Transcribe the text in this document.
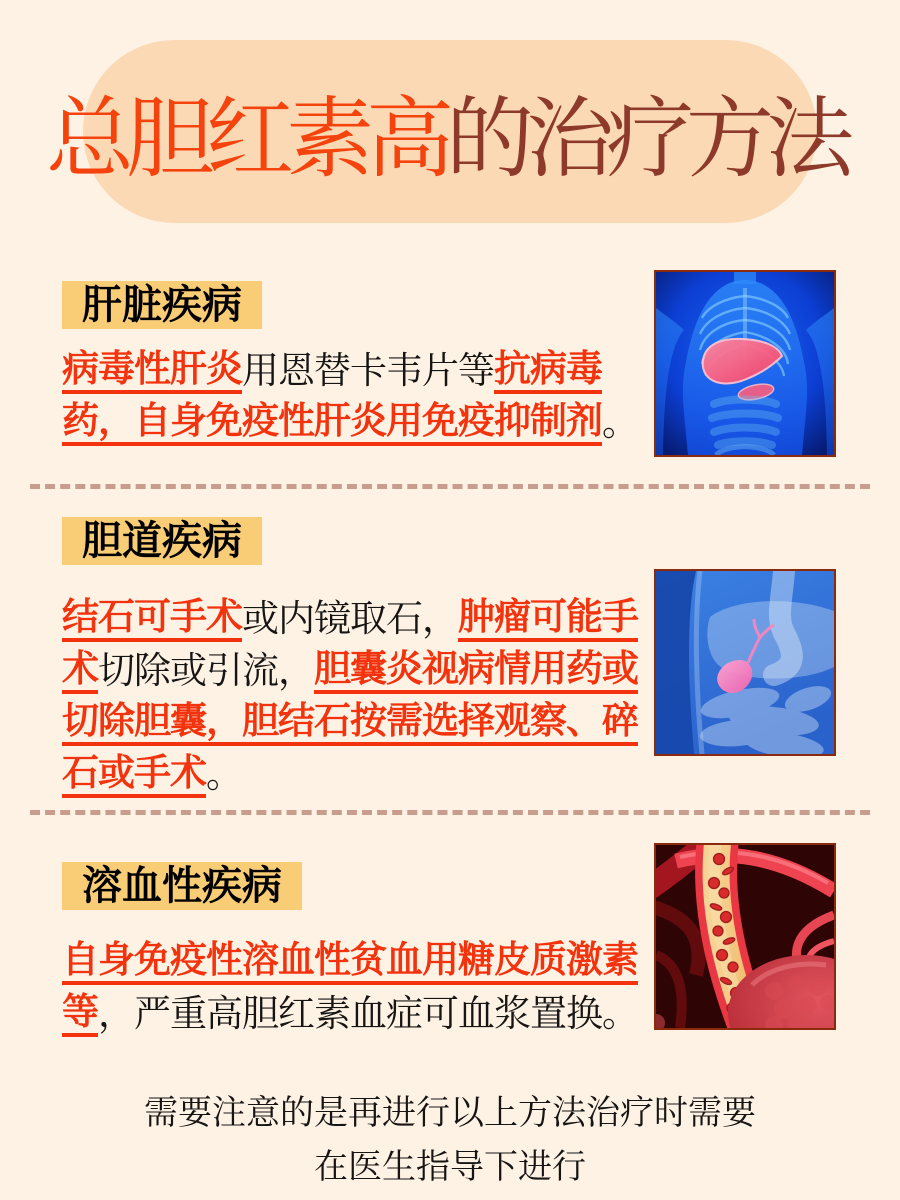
总胆红素高的治疗方法
肝脏疾病
病毒性肝炎 用恩替卡韦片等 抗病毒
药，自身免疫性肝炎用免疫抑制剂 。
胆道疾病
结石可手术 或内镜取石， 肿瘤可能手
术 切除或引流， 胆囊炎视病情用药或
切除胆囊，胆结石按需选择观察、碎
石或手术 。
溶血性疾病
自身免疫性溶血性贫血用糖皮质激素
等 ，严重高胆红素血症可血浆置换。
需要注意的是再进行以上方法治疗时需要
在医生指导下进行
